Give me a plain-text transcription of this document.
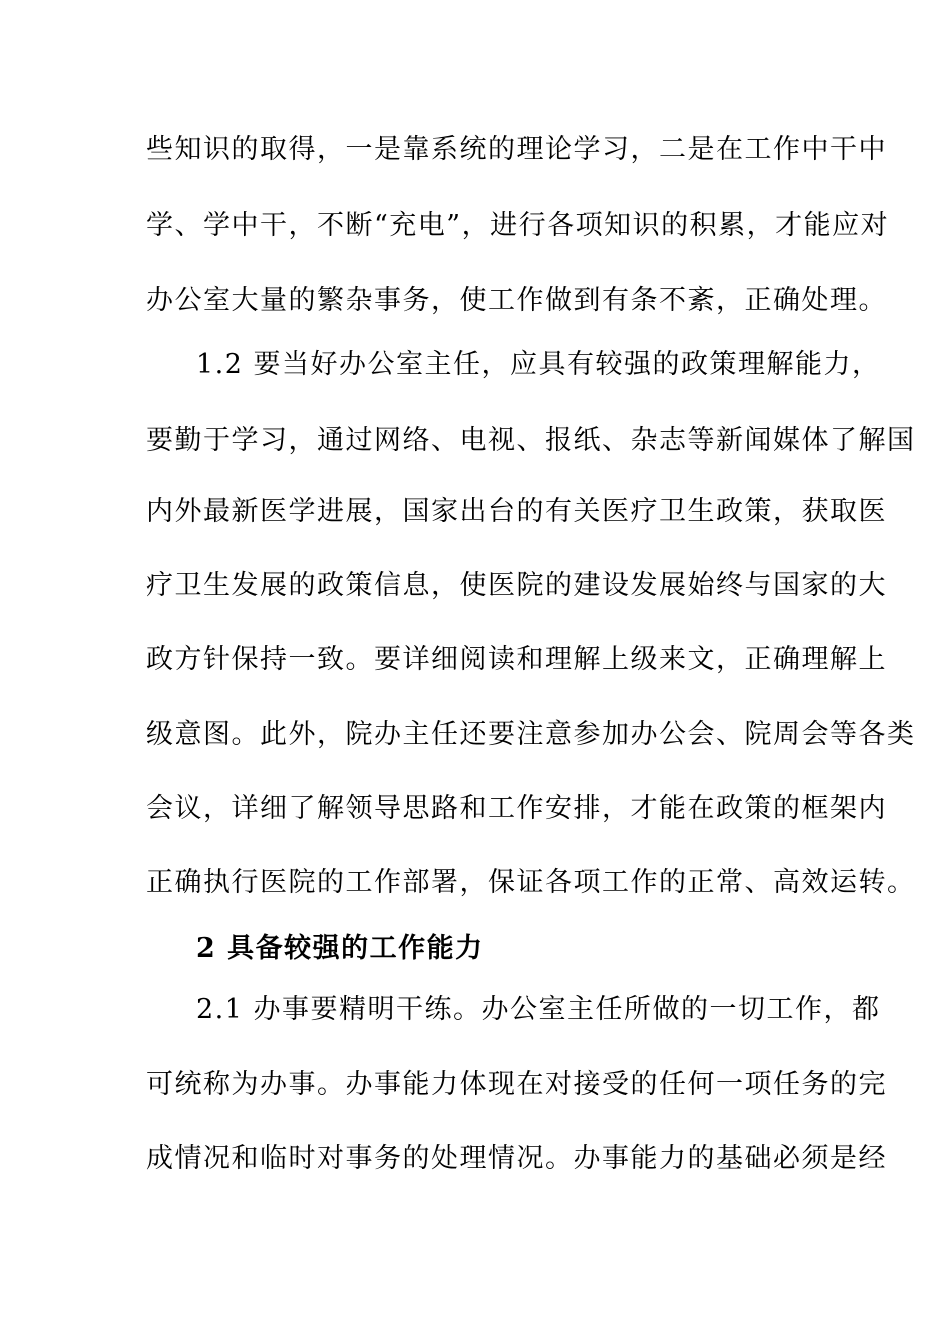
些知识的取得，一是靠系统的理论学习，二是在工作中干中
学、学中干，不断“充电”，进行各项知识的积累，才能应对
办公室大量的繁杂事务，使工作做到有条不紊，正确处理。
1.2 要当好办公室主任，应具有较强的政策理解能力，
要勤于学习，通过网络、电视、报纸、杂志等新闻媒体了解国
内外最新医学进展，国家出台的有关医疗卫生政策，获取医
疗卫生发展的政策信息，使医院的建设发展始终与国家的大
政方针保持一致。要详细阅读和理解上级来文，正确理解上
级意图。此外，院办主任还要注意参加办公会、院周会等各类
会议，详细了解领导思路和工作安排，才能在政策的框架内
正确执行医院的工作部署，保证各项工作的正常、高效运转。
2 具备较强的工作能力
2.1 办事要精明干练。办公室主任所做的一切工作，都
可统称为办事。办事能力体现在对接受的任何一项任务的完
成情况和临时对事务的处理情况。办事能力的基础必须是经
